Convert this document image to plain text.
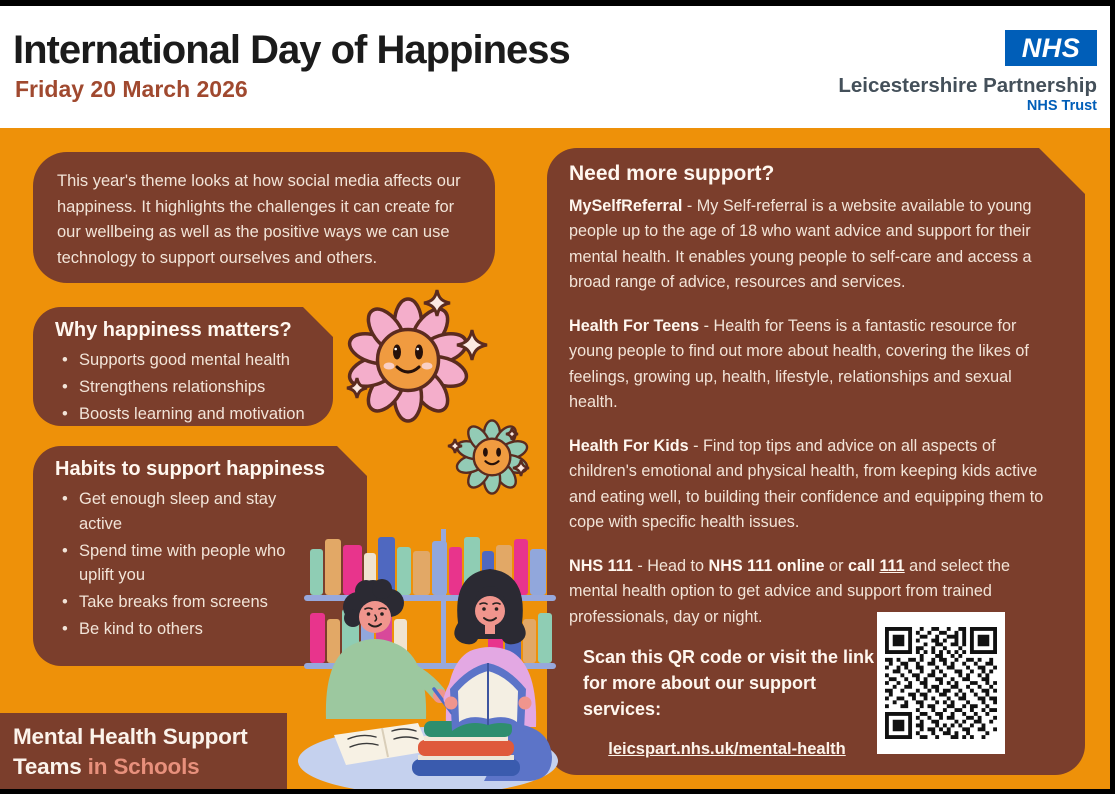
International Day of Happiness
Friday 20 March 2026
NHS
Leicestershire Partnership
NHS Trust
This year's theme looks at how social media affects our happiness. It highlights the challenges it can create for our wellbeing as well as the positive ways we can use technology to support ourselves and others.
Why happiness matters?
• Supports good mental health
• Strengthens relationships
• Boosts learning and motivation
Habits to support happiness
• Get enough sleep and stay active
• Spend time with people who uplift you
• Take breaks from screens
• Be kind to others
Need more support?

MySelfReferral - My Self-referral is a website available to young people up to the age of 18 who want advice and support for their mental health. It enables young people to self-care and access a broad range of advice, resources and services.

Health For Teens - Health for Teens is a fantastic resource for young people to find out more about health, covering the likes of feelings, growing up, health, lifestyle, relationships and sexual health.

Health For Kids - Find top tips and advice on all aspects of children's emotional and physical health, from keeping kids active and eating well, to building their confidence and equipping them to cope with specific health issues.

NHS 111 - Head to NHS 111 online or call 111 and select the mental health option to get advice and support from trained professionals, day or night.

Scan this QR code or visit the link for more about our support services:
leicspart.nhs.uk/mental-health
Mental Health Support
Teams in Schools
